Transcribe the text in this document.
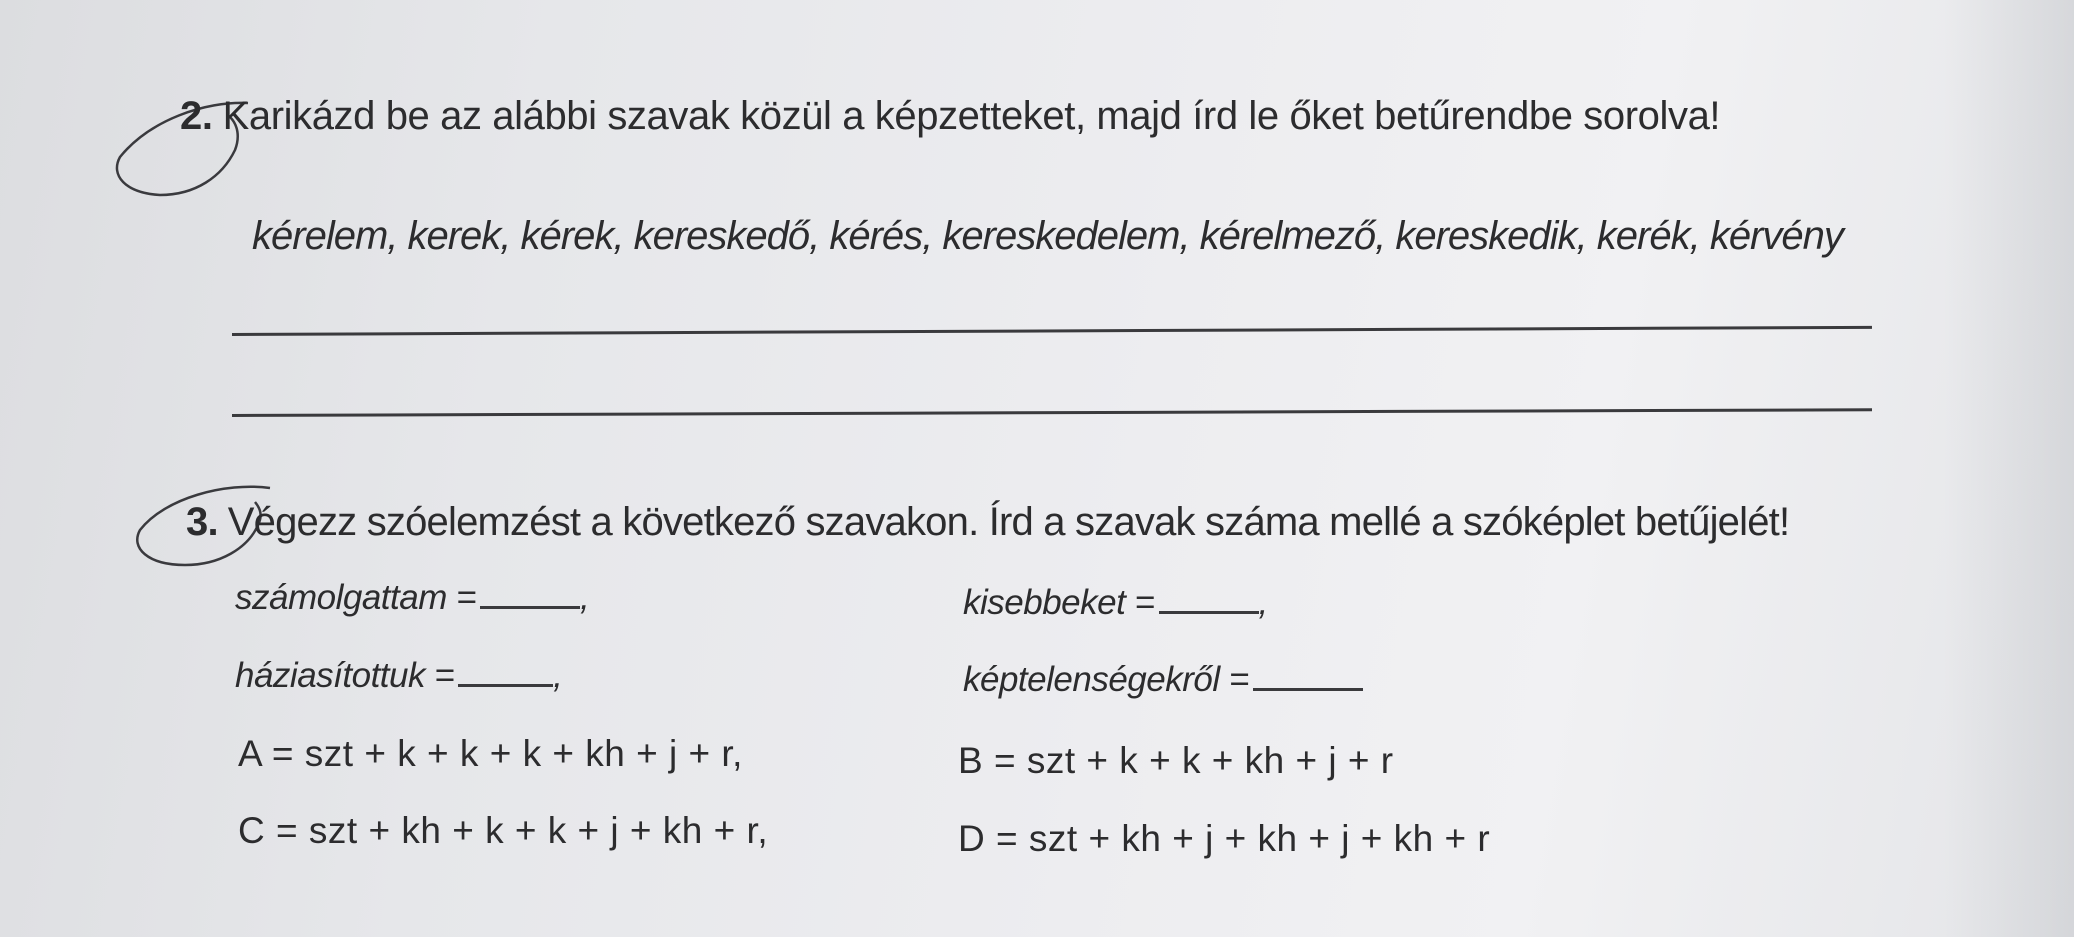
2. Karikázd be az alábbi szavak közül a képzetteket, majd írd le őket betűrendbe sorolva!
kérelem, kerek, kérek, kereskedő, kérés, kereskedelem, kérelmező, kereskedik, kerék, kérvény
3. Végezz szóelemzést a következő szavakon. Írd a szavak száma mellé a szóképlet betűjelét!
számolgattam =	,	kisebbeket =	,
háziasítottuk =	,	képtelenségekről =
A = szt + k + k + k + kh + j + r,	B = szt + k + k + kh + j + r
C = szt + kh + k + k + j + kh + r,	D = szt + kh + j + kh + j + kh + r
